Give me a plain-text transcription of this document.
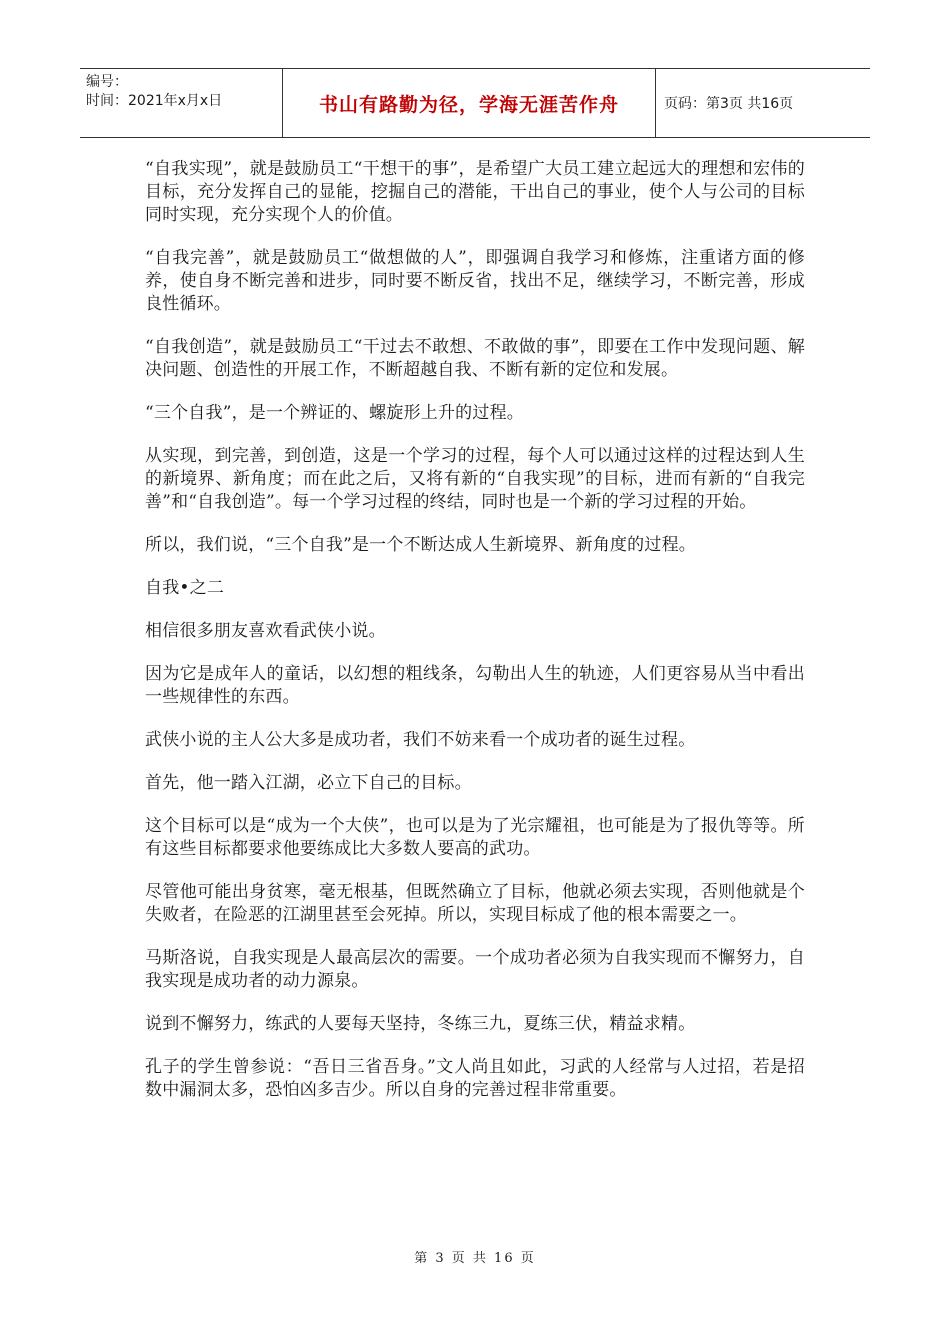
编号：
时间：2021年x月x日	书山有路勤为径，学海无涯苦作舟	页码：第3页 共16页

“自我实现”，就是鼓励员工“干想干的事”，是希望广大员工建立起远大的理想和宏伟的目标，充分发挥自己的显能，挖掘自己的潜能，干出自己的事业，使个人与公司的目标同时实现，充分实现个人的价值。

“自我完善”，就是鼓励员工“做想做的人”，即强调自我学习和修炼，注重诸方面的修养，使自身不断完善和进步，同时要不断反省，找出不足，继续学习，不断完善，形成良性循环。

“自我创造”，就是鼓励员工“干过去不敢想、不敢做的事”，即要在工作中发现问题、解决问题、创造性的开展工作，不断超越自我、不断有新的定位和发展。

“三个自我”，是一个辨证的、螺旋形上升的过程。

从实现，到完善，到创造，这是一个学习的过程，每个人可以通过这样的过程达到人生的新境界、新角度；而在此之后，又将有新的“自我实现”的目标，进而有新的“自我完善”和“自我创造”。每一个学习过程的终结，同时也是一个新的学习过程的开始。

所以，我们说，“三个自我”是一个不断达成人生新境界、新角度的过程。

自我•之二

相信很多朋友喜欢看武侠小说。

因为它是成年人的童话，以幻想的粗线条，勾勒出人生的轨迹，人们更容易从当中看出一些规律性的东西。

武侠小说的主人公大多是成功者，我们不妨来看一个成功者的诞生过程。

首先，他一踏入江湖，必立下自己的目标。

这个目标可以是“成为一个大侠”，也可以是为了光宗耀祖，也可能是为了报仇等等。所有这些目标都要求他要练成比大多数人要高的武功。

尽管他可能出身贫寒，毫无根基，但既然确立了目标，他就必须去实现，否则他就是个失败者，在险恶的江湖里甚至会死掉。所以，实现目标成了他的根本需要之一。

马斯洛说，自我实现是人最高层次的需要。一个成功者必须为自我实现而不懈努力，自我实现是成功者的动力源泉。

说到不懈努力，练武的人要每天坚持，冬练三九，夏练三伏，精益求精。

孔子的学生曾参说：“吾日三省吾身。”文人尚且如此，习武的人经常与人过招，若是招数中漏洞太多，恐怕凶多吉少。所以自身的完善过程非常重要。

第 3 页 共 16 页
